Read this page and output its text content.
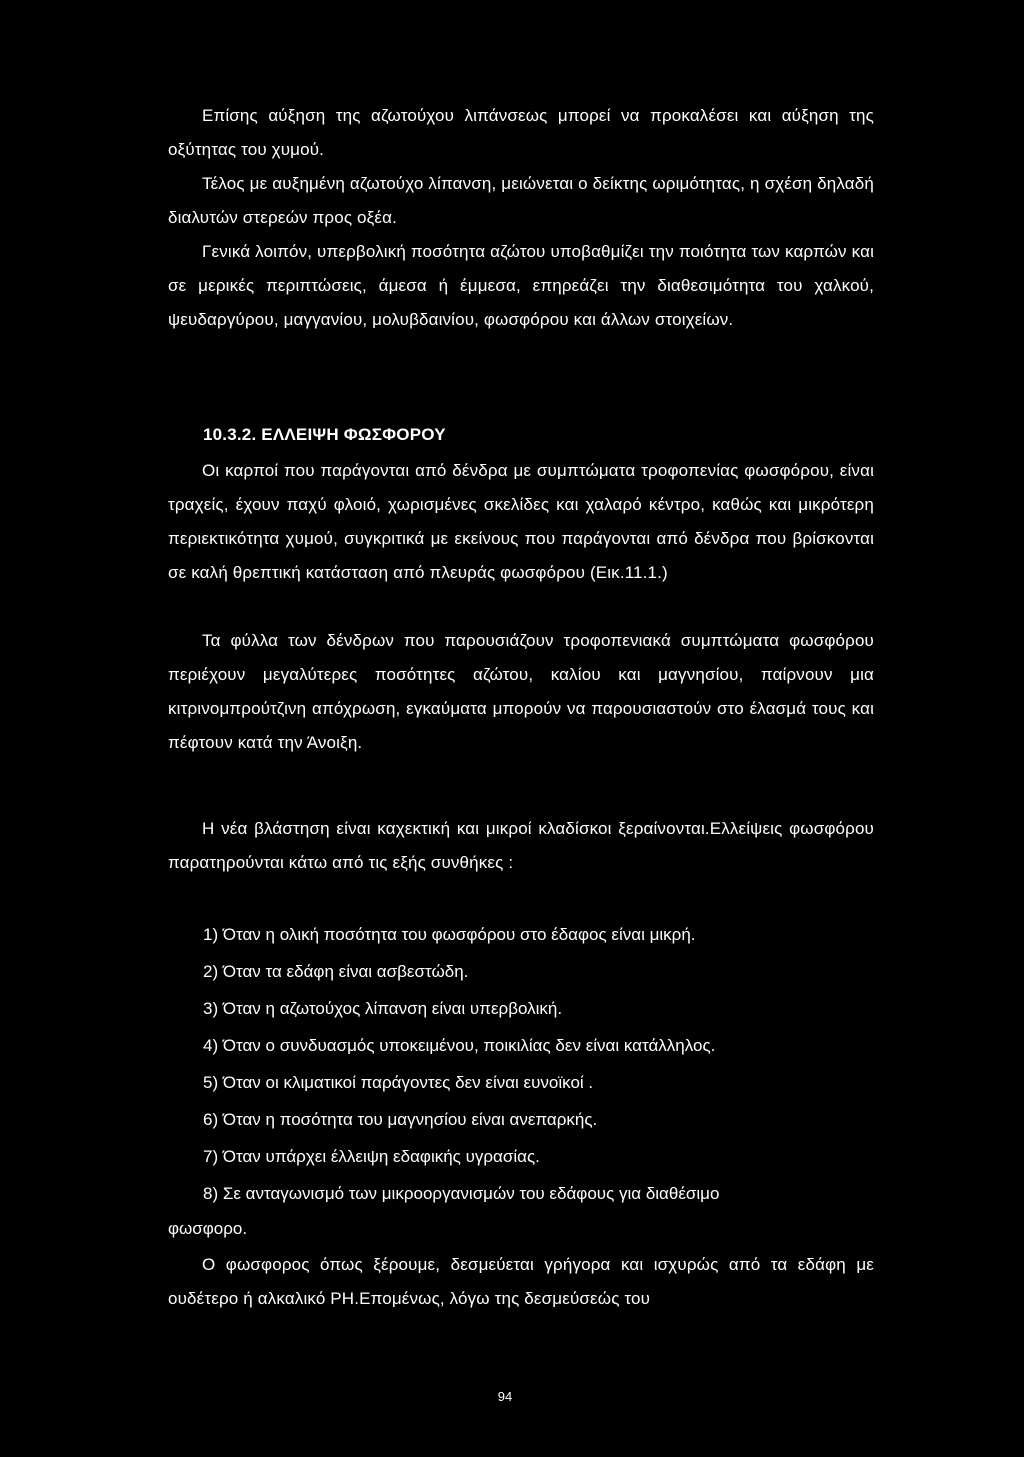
Επίσης αύξηση της αζωτούχου λιπάνσεως μπορεί να προκαλέσει και αύξηση της οξύτητας του χυμού.

Τέλος με αυξημένη αζωτούχο λίπανση, μειώνεται ο δείκτης ωριμότητας, η σχέση δηλαδή διαλυτών στερεών προς οξέα.

Γενικά λοιπόν, υπερβολική ποσότητα αζώτου υποβαθμίζει την ποιότητα των καρπών και σε μερικές περιπτώσεις, άμεσα ή έμμεσα, επηρεάζει την διαθεσιμότητα του χαλκού, ψευδαργύρου, μαγγανίου, μολυβδαινίου, φωσφόρου και άλλων στοιχείων.

10.3.2. ΕΛΛΕΙΨΗ ΦΩΣΦΟΡΟΥ

Οι καρποί που παράγονται από δένδρα με συμπτώματα τροφοπενίας φωσφόρου, είναι τραχείς, έχουν παχύ φλοιό, χωρισμένες σκελίδες και χαλαρό κέντρο, καθώς και μικρότερη περιεκτικότητα χυμού, συγκριτικά με εκείνους που παράγονται από δένδρα που βρίσκονται σε καλή θρεπτική κατάσταση από πλευράς φωσφόρου (Εικ.11.1.)

Τα φύλλα των δένδρων που παρουσιάζουν τροφοπενιακά συμπτώματα φωσφόρου περιέχουν μεγαλύτερες ποσότητες αζώτου, καλίου και μαγνησίου, παίρνουν μια κιτρινομπρούτζινη απόχρωση, εγκαύματα μπορούν να παρουσιαστούν στο έλασμά τους και πέφτουν κατά την Άνοιξη.

Η νέα βλάστηση είναι καχεκτική και μικροί κλαδίσκοι ξεραίνονται.Ελλείψεις φωσφόρου παρατηρούνται κάτω από τις εξής συνθήκες :

1) Όταν η ολική ποσότητα του φωσφόρου στο έδαφος είναι μικρή.
2) Όταν τα εδάφη είναι ασβεστώδη.
3) Όταν η αζωτούχος λίπανση είναι υπερβολική.
4) Όταν ο συνδυασμός υποκειμένου, ποικιλίας δεν είναι κατάλληλος.
5) Όταν οι κλιματικοί παράγοντες δεν είναι ευνοϊκοί .
6) Όταν η ποσότητα του μαγνησίου είναι ανεπαρκής.
7) Όταν υπάρχει έλλειψη εδαφικής υγρασίας.
8) Σε ανταγωνισμό των μικροοργανισμών του εδάφους για διαθέσιμο
φωσφορο.

Ο φωσφορος όπως ξέρουμε, δεσμεύεται γρήγορα και ισχυρώς από τα εδάφη με ουδέτερο ή αλκαλικό PH.Επομένως, λόγω της δεσμεύσεώς του

94
